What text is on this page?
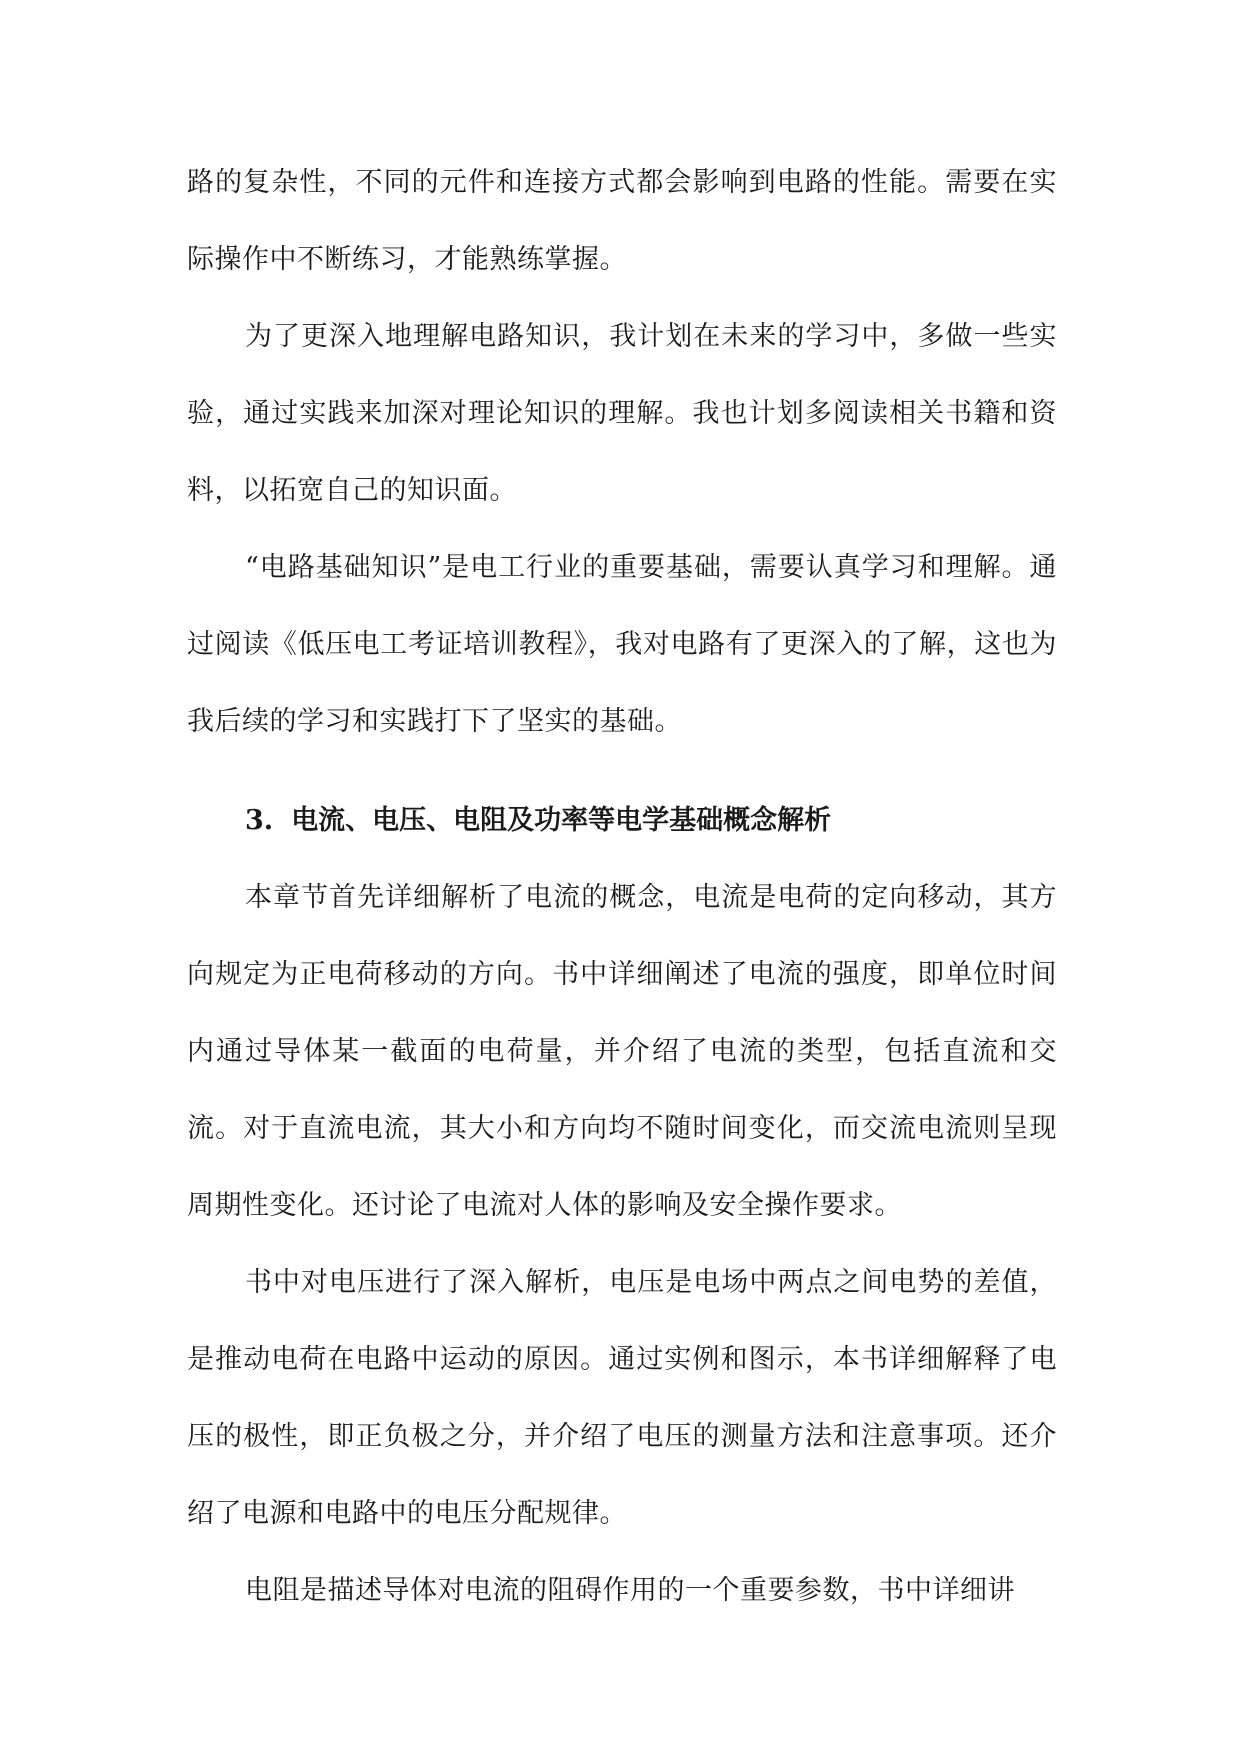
路的复杂性，不同的元件和连接方式都会影响到电路的性能。需要在实际操作中不断练习，才能熟练掌握。

为了更深入地理解电路知识，我计划在未来的学习中，多做一些实验，通过实践来加深对理论知识的理解。我也计划多阅读相关书籍和资料，以拓宽自己的知识面。

“电路基础知识”是电工行业的重要基础，需要认真学习和理解。通过阅读《低压电工考证培训教程》，我对电路有了更深入的了解，这也为我后续的学习和实践打下了坚实的基础。

3. 电流、电压、电阻及功率等电学基础概念解析

本章节首先详细解析了电流的概念，电流是电荷的定向移动，其方向规定为正电荷移动的方向。书中详细阐述了电流的强度，即单位时间内通过导体某一截面的电荷量，并介绍了电流的类型，包括直流和交流。对于直流电流，其大小和方向均不随时间变化，而交流电流则呈现周期性变化。还讨论了电流对人体的影响及安全操作要求。

书中对电压进行了深入解析，电压是电场中两点之间电势的差值，是推动电荷在电路中运动的原因。通过实例和图示，本书详细解释了电压的极性，即正负极之分，并介绍了电压的测量方法和注意事项。还介绍了电源和电路中的电压分配规律。

电阻是描述导体对电流的阻碍作用的一个重要参数，书中详细讲
